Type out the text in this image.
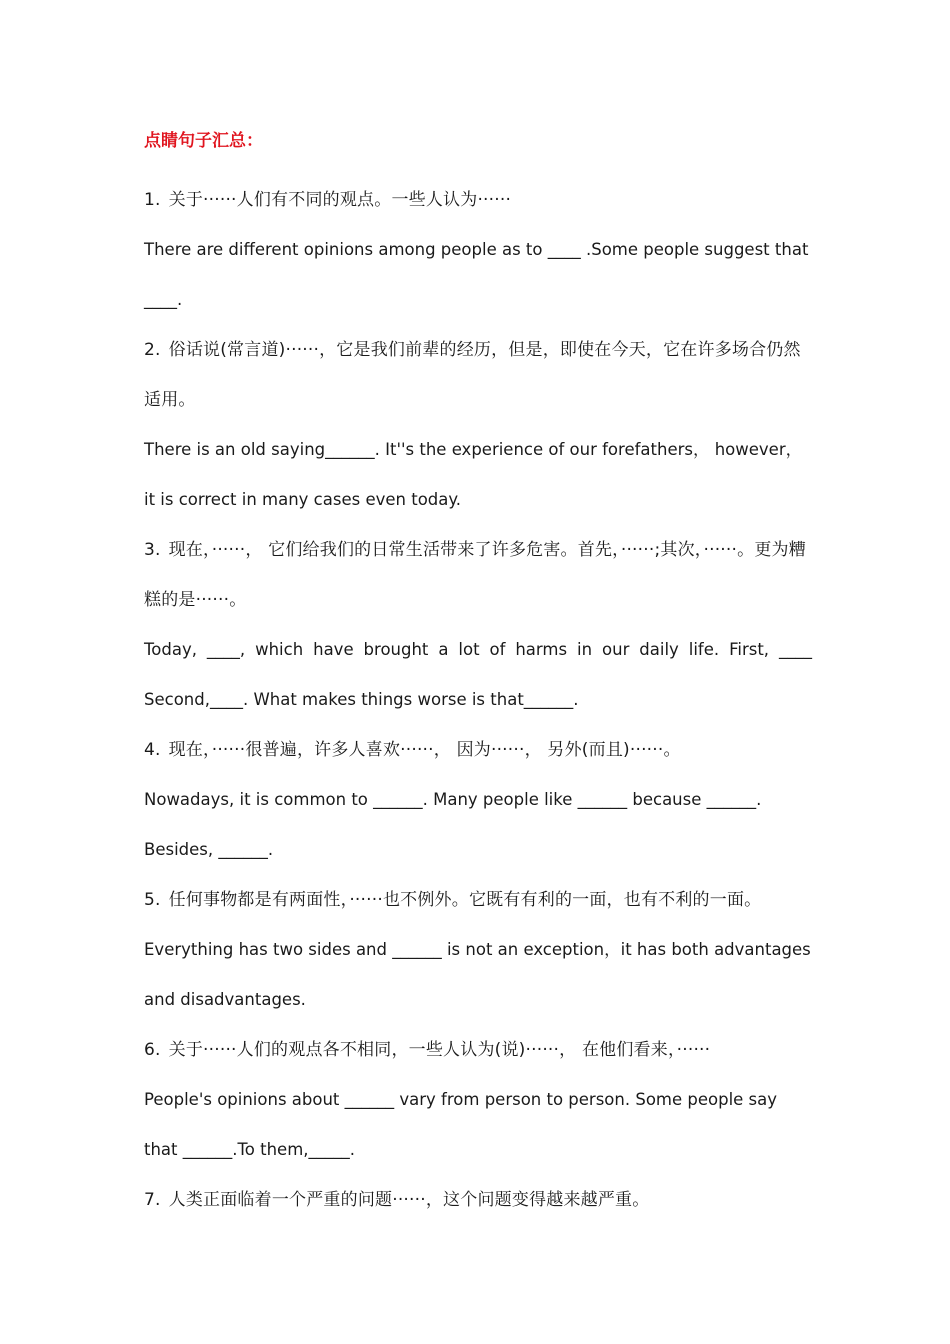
点睛句子汇总：

1. 关于······人们有不同的观点。一些人认为······

There are different opinions among people as to ____ .Some people suggest that ____.

2. 俗话说(常言道)······，它是我们前辈的经历，但是，即使在今天，它在许多场合仍然适用。

There is an old saying______. It''s the experience of our forefathers， however， it is correct in many cases even today.

3. 现在，······， 它们给我们的日常生活带来了许多危害。首先，······;其次，······。更为糟糕的是······。

Today, ____, which have brought a lot of harms in our daily life. First, ____ Second,____. What makes things worse is that______.

4. 现在，······很普遍，许多人喜欢······， 因为······， 另外(而且)······。

Nowadays, it is common to ______. Many people like ______ because ______. Besides, ______.

5. 任何事物都是有两面性，······也不例外。它既有有利的一面，也有不利的一面。

Everything has two sides and ______ is not an exception，it has both advantages and disadvantages.

6. 关于······人们的观点各不相同，一些人认为(说)······， 在他们看来，······

People's opinions about ______ vary from person to person. Some people say that ______.To them,_____.

7. 人类正面临着一个严重的问题······，这个问题变得越来越严重。
